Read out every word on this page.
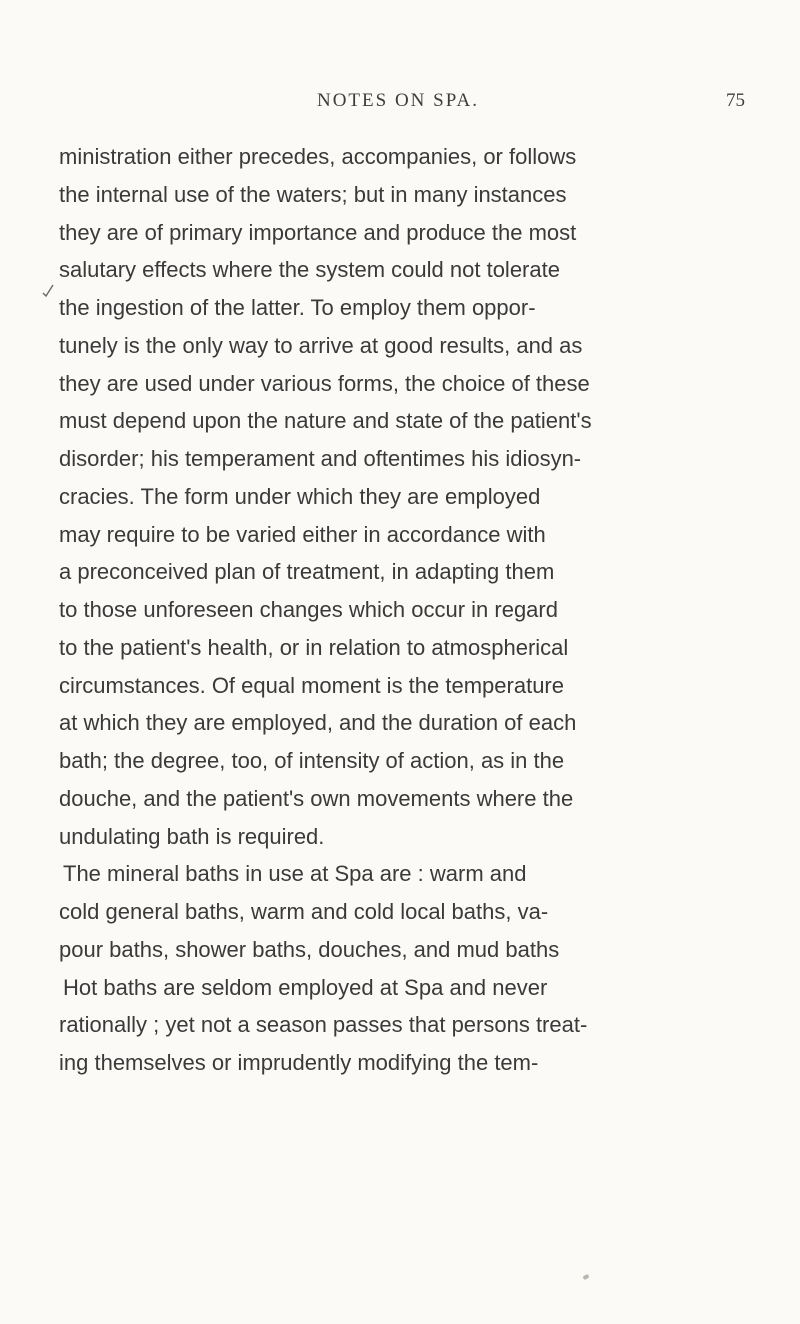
NOTES ON SPA.	75
ministration either precedes, accompanies, or follows
the internal use of the waters; but in many instances
they are of primary importance and produce the most
salutary effects where the system could not tolerate
the ingestion of the latter. To employ them oppor-
tunely is the only way to arrive at good results, and as
they are used under various forms, the choice of these
must depend upon the nature and state of the patient's
disorder; his temperament and oftentimes his idiosyn-
cracies. The form under which they are employed
may require to be varied either in accordance with
a preconceived plan of treatment, in adapting them
to those unforeseen changes which occur in regard
to the patient's health, or in relation to atmospherical
circumstances. Of equal moment is the temperature
at which they are employed, and the duration of each
bath; the degree, too, of intensity of action, as in the
douche, and the patient's own movements where the
undulating bath is required.
The mineral baths in use at Spa are : warm and
cold general baths, warm and cold local baths, va-
pour baths, shower baths, douches, and mud baths
Hot baths are seldom employed at Spa and never
rationally ; yet not a season passes that persons treat-
ing themselves or imprudently modifying the tem-
